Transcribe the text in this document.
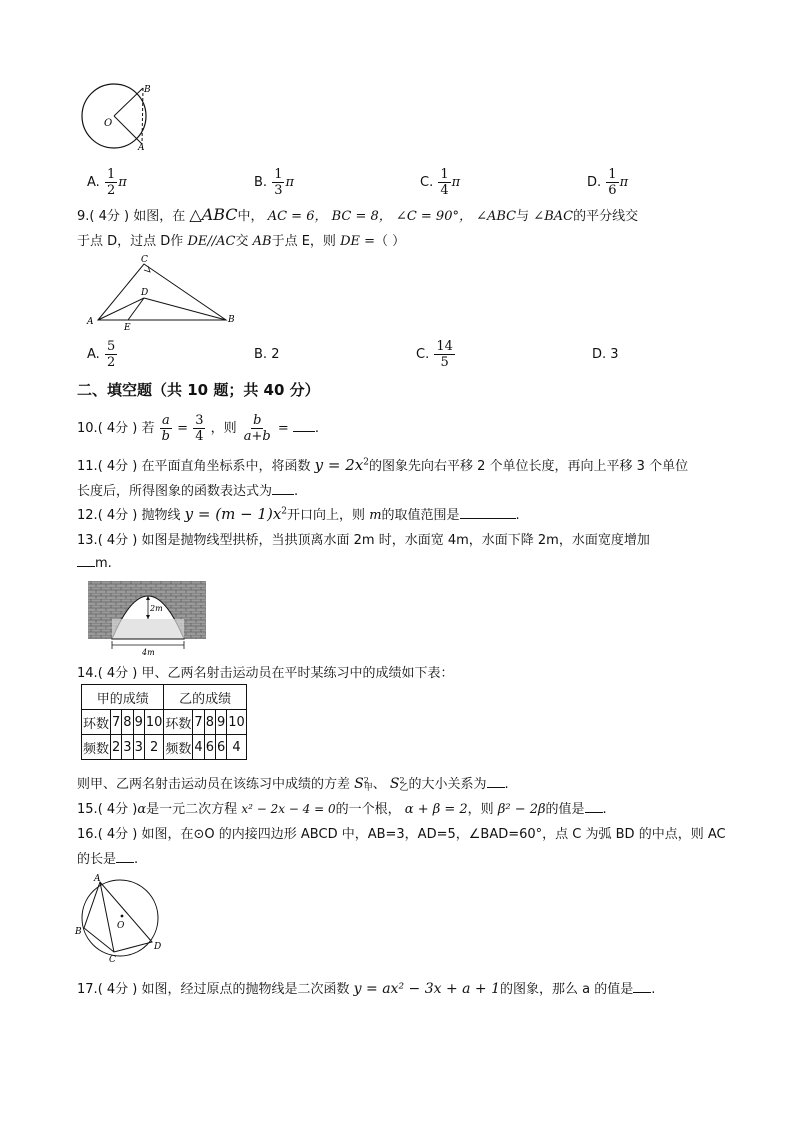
B
O
A
A. $\frac{1}{2}$ π	B. $\frac{1}{3}$ π	C. $\frac{1}{4}$ π	D. $\frac{1}{6}$ π
9.( 4分 ) 如图，在 △ABC中， AC = 6， BC = 8， ∠C = 90°， ∠ABC与 ∠BAC的平分线交
于点 D，过点 D作 DE//AC交 AB于点 E，则 DE =（ ）
C
D
A
E
B
A. $\frac{5}{2}$	B. 2	C. $\frac{14}{5}$	D. 3
二、填空题（共 10 题；共 40 分）
10.( 4分 ) 若 $\frac{a}{b} = \frac{3}{4}$ ，则 $\frac{b}{a+b}$ = .
11.( 4分 ) 在平面直角坐标系中，将函数 $y = 2x^2$的图象先向右平移 2 个单位长度，再向上平移 3 个单位
长度后，所得图象的函数表达式为 .
12.( 4分 ) 抛物线 $y = (m - 1)x^2$开口向上，则 m的取值范围是	.
13.( 4分 ) 如图是抛物线型拱桥，当拱顶离水面 2m 时，水面宽 4m，水面下降 2m，水面宽度增加
m.
2m
4m
14.( 4分 ) 甲、乙两名射击运动员在平时某练习中的成绩如下表：
甲的成绩					乙的成绩				
环数	7	8	9	10	环数	7	8	9	10
频数	2	3	3	2	频数	4	6	6	4
则甲、乙两名射击运动员在该练习中成绩的方差 S 2
甲 、 S 2
乙 的大小关系为 .
15.( 4分 )α是一元二次方程 x² − 2x − 4 = 0的一个根， α + β = 2，则 β² − 2β的值是 .
16.( 4分 ) 如图，在⊙O 的内接四边形 ABCD 中，AB=3，AD=5，∠BAD=60°，点 C 为弧 BD 的中点，则 AC
的长是 .
A
B
O
C
D
17.( 4分 ) 如图，经过原点的抛物线是二次函数 y = ax² − 3x + a + 1的图象，那么 a 的值是 .
